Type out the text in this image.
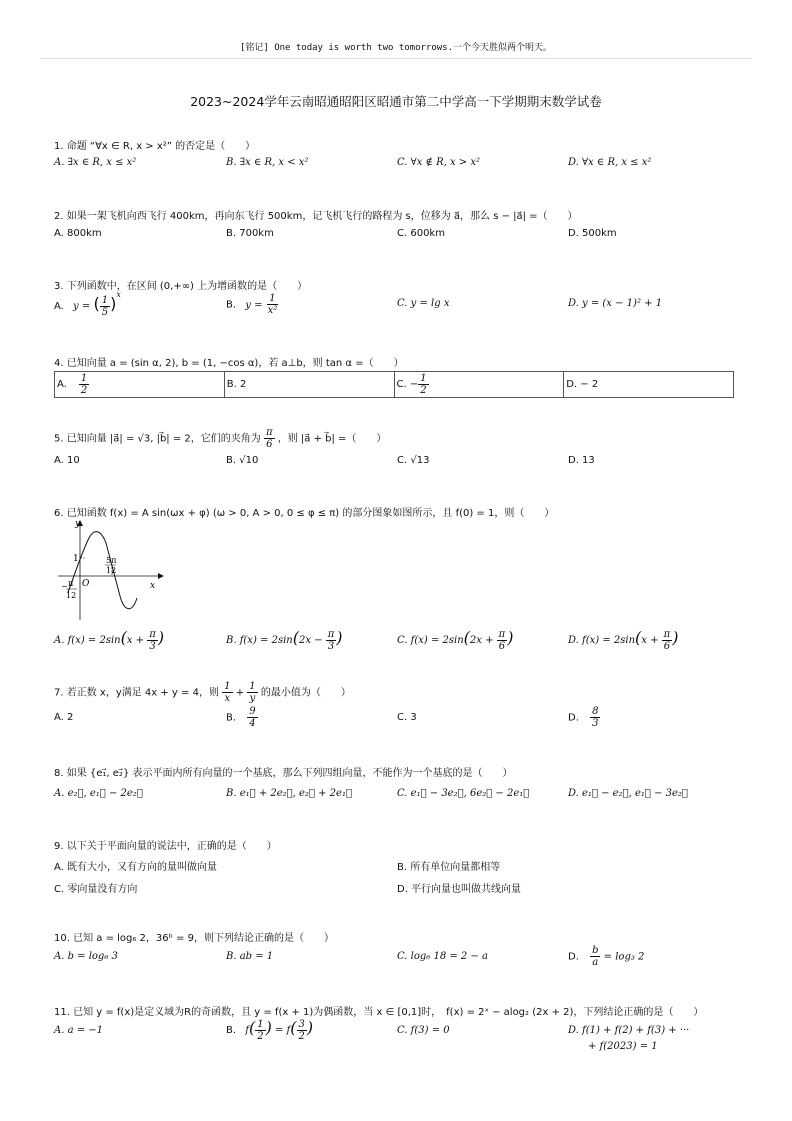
[铭记] One today is worth two tomorrows.一个今天胜似两个明天。
2023~2024学年云南昭通昭阳区昭通市第二中学高一下学期期末数学试卷
1. 命题 “∀x ∈ R, x > x²” 的否定是（　　）
A. ∃x ∈ R, x ≤ x²	B. ∃x ∈ R, x < x²	C. ∀x ∉ R, x > x²	D. ∀x ∈ R, x ≤ x²
2. 如果一架飞机向西飞行 400km，再向东飞行 500km，记飞机飞行的路程为 s，位移为 a⃗，那么 s − |a⃗| =（　　）
A. 800km	B. 700km	C. 600km	D. 500km
3. 下列函数中，在区间 (0,+∞) 上为增函数的是（　　）
A. y = ( $\frac{1}{5} )^x$
B. $y = \frac{1}{\text{x²}}$	C. y = lg x	D. y = (x − 1)² + 1
4. 已知向量 a = (sin α, 2), b = (1, −cos α)，若 a⊥b，则 tan α =（　　）
A. $\frac{1}{2}$	B. 2	C. − $\frac{1}{2}$	D. − 2
5. 已知向量 |a⃗| = √3, |b⃗| = 2，它们的夹角为 $\frac{\pi}{6}$ ，则 |a⃗ + b⃗| =（　　）
A. 10	B. √10	C. √13	D. 13
6. 已知函数 f(x) = A sin(ωx + φ) (ω > 0, A > 0, 0 ≤ φ ≤ π) 的部分图象如图所示，且 f(0) = 1，则（　　）
y
x
1
O
5π
12
− π
12
A. $f(x) = 2\sin(x + \frac{\pi}{3}$ )	B. $f(x) = 2\sin(2x - \frac{\pi}{3}$ )	C. $f(x) = 2\sin(2x + \frac{\pi}{6}$ )	D. $f(x) = 2\sin(x + \frac{\pi}{6}$ )
7. 若正数 x，y满足 4x + y = 4，则 $\frac{1}{x} + \frac{1}{y}$ 的最小值为（　　）
A. 2	B. $\frac{9}{4}$	C. 3	D. $\frac{8}{3}$
8. 如果 {e₁⃗, e₂⃗} 表示平面内所有向量的一个基底，那么下列四组向量，不能作为一个基底的是（　　）
A. e₂⃗, e₁⃗ − 2e₂⃗	B. e₁⃗ + 2e₂⃗, e₂⃗ + 2e₁⃗	C. e₁⃗ − 3e₂⃗, 6e₂⃗ − 2e₁⃗	D. e₁⃗ − e₂⃗, e₁⃗ − 3e₂⃗
9. 以下关于平面向量的说法中，正确的是（　　）
A. 既有大小，又有方向的量叫做向量	B. 所有单位向量都相等
C. 零向量没有方向	D. 平行向量也叫做共线向量
10. 已知 a = log₆ 2，36ᵇ = 9，则下列结论正确的是（　　）
A. b = log₆ 3	B. ab = 1	C. log₆ 18 = 2 − a	D. $\frac{b}{a} = \log_3$ 2
11. 已知 y = f(x)是定义域为R的奇函数，且 y = f(x + 1)为偶函数，当 x ∈ [0,1]时，　f(x) = 2ˣ − alog₂ (2x + 2)，下列结论正确的是（　　）
A. a = −1	B. $f( \frac{1}{2}$ ) = $f( \frac{3}{2}$ )	C. f(3) = 0	D. f(1) + f(2) + f(3) + ···
+ f(2023) = 1
